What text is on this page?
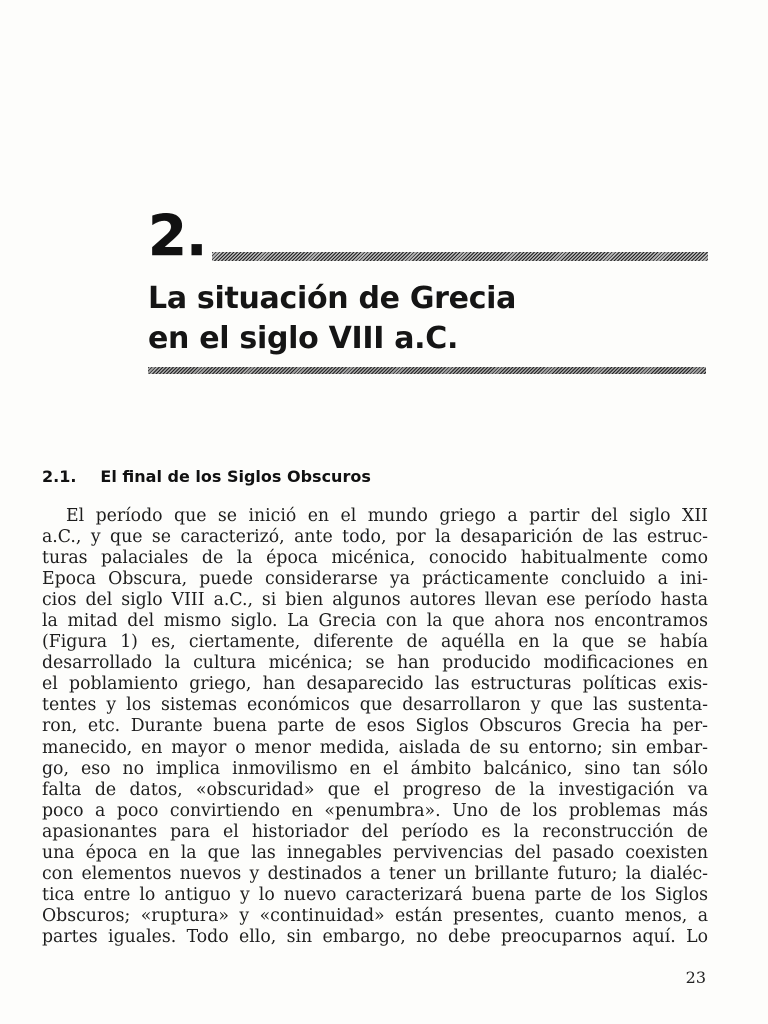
2.
La situación de Grecia
en el siglo VIII a.C.
2.1. El final de los Siglos Obscuros
El período que se inició en el mundo griego a partir del siglo XII
a.C., y que se caracterizó, ante todo, por la desaparición de las estruc-
turas palaciales de la época micénica, conocido habitualmente como
Epoca Obscura, puede considerarse ya prácticamente concluido a ini-
cios del siglo VIII a.C., si bien algunos autores llevan ese período hasta
la mitad del mismo siglo. La Grecia con la que ahora nos encontramos
(Figura 1) es, ciertamente, diferente de aquélla en la que se había
desarrollado la cultura micénica; se han producido modificaciones en
el poblamiento griego, han desaparecido las estructuras políticas exis-
tentes y los sistemas económicos que desarrollaron y que las sustenta-
ron, etc. Durante buena parte de esos Siglos Obscuros Grecia ha per-
manecido, en mayor o menor medida, aislada de su entorno; sin embar-
go, eso no implica inmovilismo en el ámbito balcánico, sino tan sólo
falta de datos, «obscuridad» que el progreso de la investigación va
poco a poco convirtiendo en «penumbra». Uno de los problemas más
apasionantes para el historiador del período es la reconstrucción de
una época en la que las innegables pervivencias del pasado coexisten
con elementos nuevos y destinados a tener un brillante futuro; la dialéc-
tica entre lo antiguo y lo nuevo caracterizará buena parte de los Siglos
Obscuros; «ruptura» y «continuidad» están presentes, cuanto menos, a
partes iguales. Todo ello, sin embargo, no debe preocuparnos aquí. Lo
23
